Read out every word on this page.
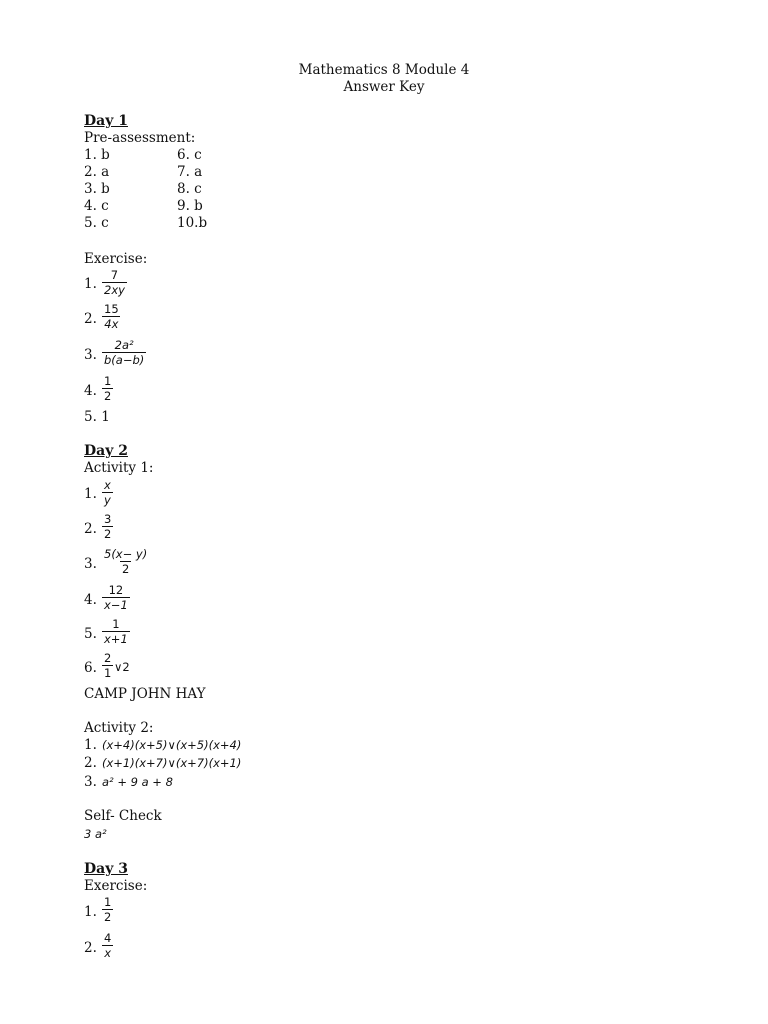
Mathematics 8 Module 4
Answer Key
Day 1
Pre-assessment:
1. b
2. a
3. b
4. c
5. c
6. c
7. a
8. c
9. b
10.b
Exercise:
1. $\frac{7}{2xy}$
2. $\frac{15}{4x}$
3. $\frac{\text{2a²}}{b(a-b)}$
4. $\frac{1}{2}$
5. 1
Day 2
Activity 1:
1. $\frac{x}{y}$
2. $\frac{3}{2}$
3. $\frac{5(x- y)}{2}$
4. $\frac{12}{x-1}$
5. $\frac{1}{x+1}$
6. $\frac{2}{1}$ ∨2
CAMP JOHN HAY
Activity 2:
1. (x+4)(x+5)∨(x+5)(x+4)
2. (x+1)(x+7)∨(x+7)(x+1)
3. a² + 9 a + 8
Self- Check
3 a²
Day 3
Exercise:
1. $\frac{1}{2}$
2. $\frac{4}{x}$
